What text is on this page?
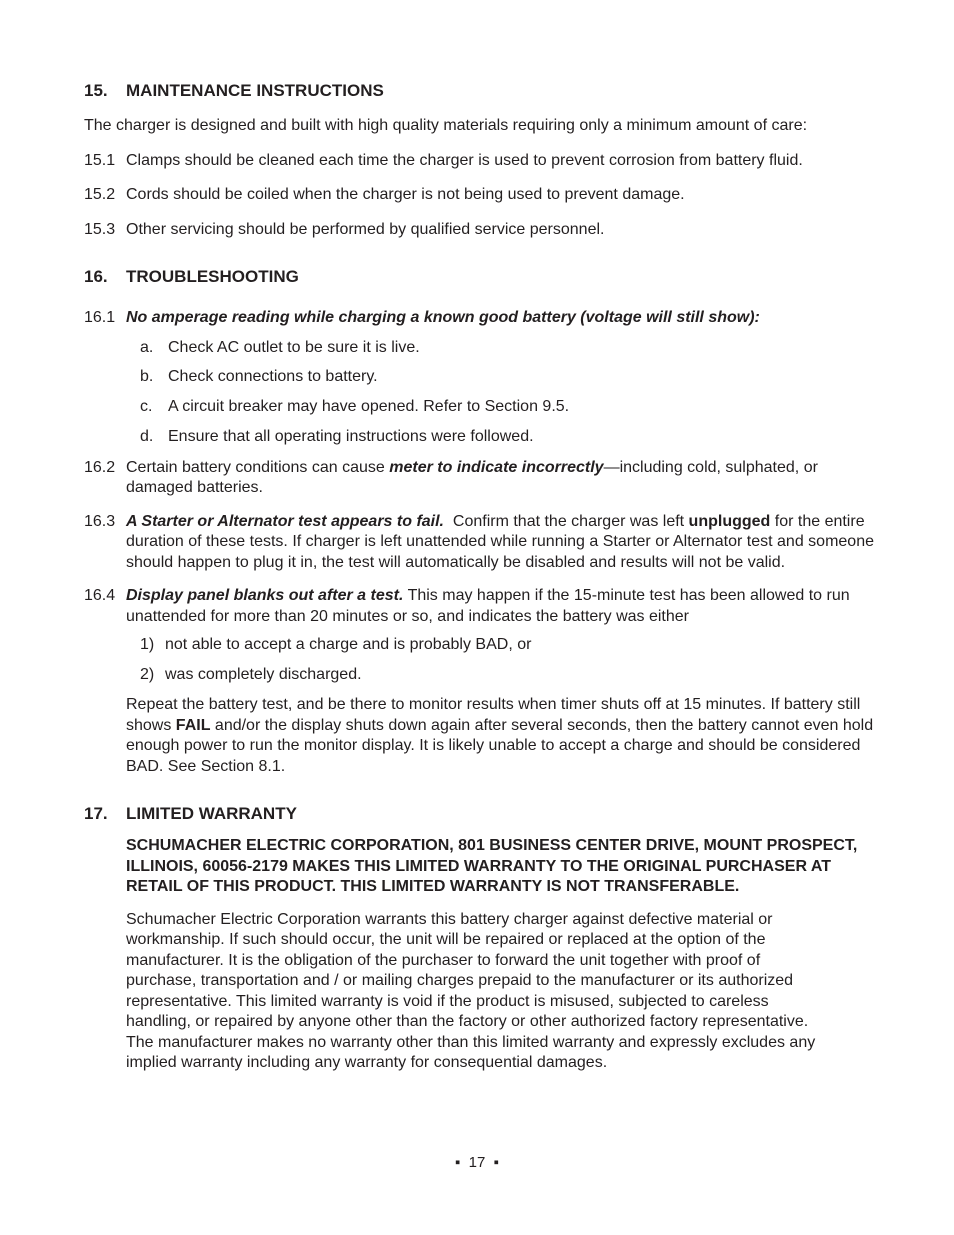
15.	MAINTENANCE INSTRUCTIONS

The charger is designed and built with high quality materials requiring only a minimum amount of care:

15.1 Clamps should be cleaned each time the charger is used to prevent corrosion from battery fluid.
15.2 Cords should be coiled when the charger is not being used to prevent damage.
15.3 Other servicing should be performed by qualified service personnel.
16.	TROUBLESHOOTING
16.1 No amperage reading while charging a known good battery (voltage will still show):
a. Check AC outlet to be sure it is live.
b. Check connections to battery.
c. A circuit breaker may have opened. Refer to Section 9.5.
d. Ensure that all operating instructions were followed.
16.2 Certain battery conditions can cause meter to indicate incorrectly—including cold, sulphated, or damaged batteries.
16.3 A Starter or Alternator test appears to fail.  Confirm that the charger was left unplugged for the entire duration of these tests. If charger is left unattended while running a Starter or Alternator test and someone should happen to plug it in, the test will automatically be disabled and results will not be valid.
16.4 Display panel blanks out after a test. This may happen if the 15-minute test has been allowed to run unattended for more than 20 minutes or so, and indicates the battery was either
1) not able to accept a charge and is probably BAD, or
2) was completely discharged.

Repeat the battery test, and be there to monitor results when timer shuts off at 15 minutes. If battery still shows FAIL and/or the display shuts down again after several seconds, then the battery cannot even hold enough power to run the monitor display. It is likely unable to accept a charge and should be considered BAD. See Section 8.1.

17.	LIMITED WARRANTY

SCHUMACHER ELECTRIC CORPORATION, 801 BUSINESS CENTER DRIVE, MOUNT PROSPECT, ILLINOIS, 60056-2179 MAKES THIS LIMITED WARRANTY TO THE ORIGINAL PURCHASER AT RETAIL OF THIS PRODUCT. THIS LIMITED WARRANTY IS NOT TRANSFERABLE.

Schumacher Electric Corporation warrants this battery charger against defective material or workmanship. If such should occur, the unit will be repaired or replaced at the option of the manufacturer. It is the obligation of the purchaser to forward the unit together with proof of purchase, transportation and / or mailing charges prepaid to the manufacturer or its authorized representative. This limited warranty is void if the product is misused, subjected to careless handling, or repaired by anyone other than the factory or other authorized factory representative. The manufacturer makes no warranty other than this limited warranty and expressly excludes any implied warranty including any warranty for consequential damages.

▪  17  ▪
